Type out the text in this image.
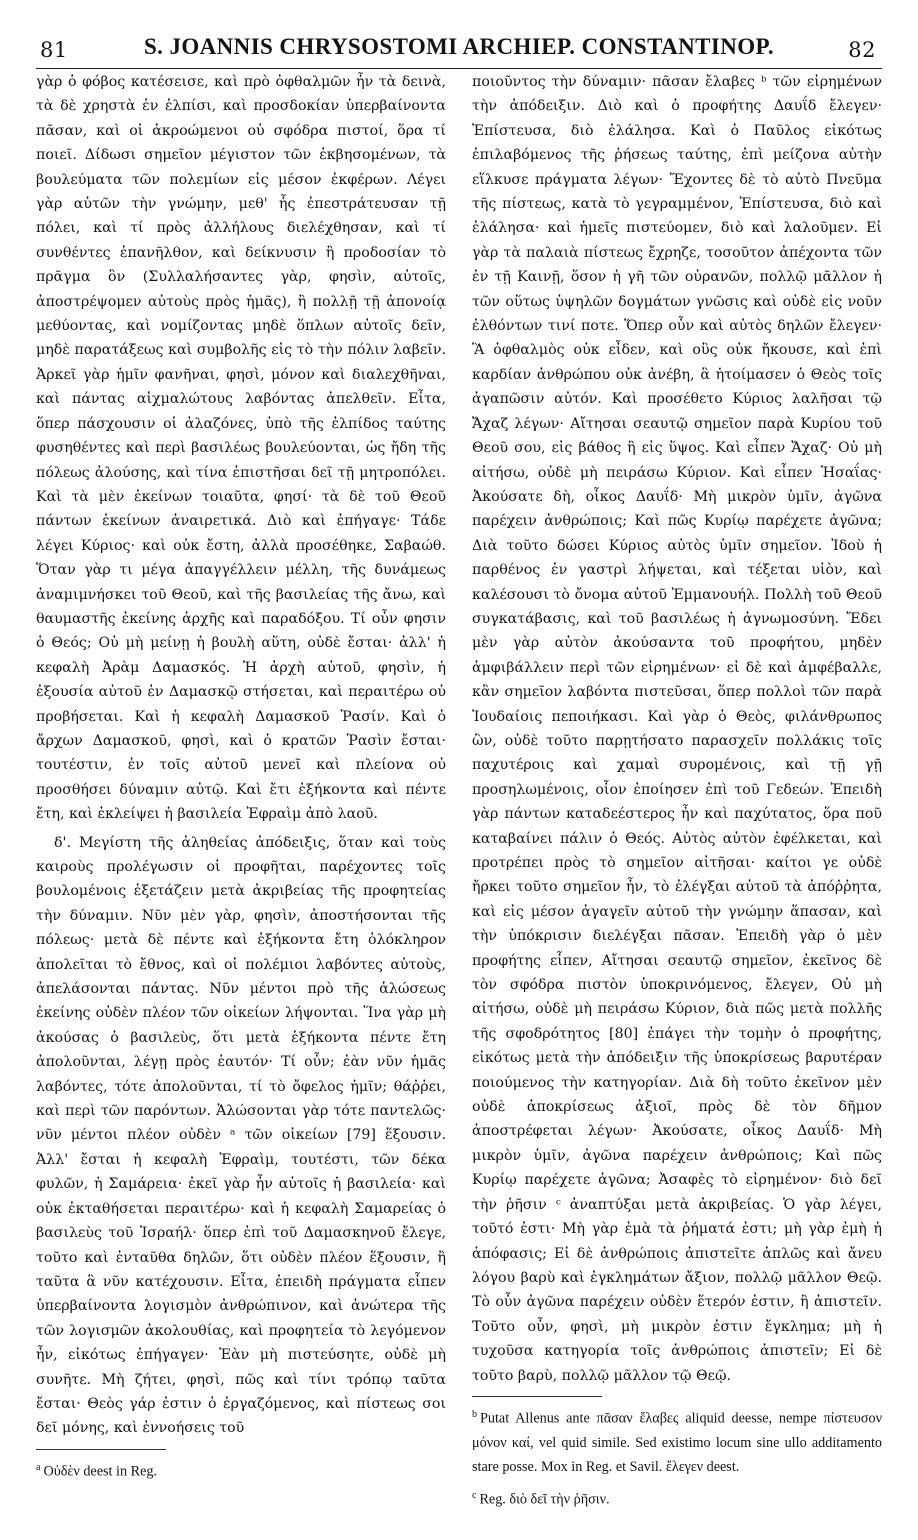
81	S. JOANNIS CHRYSOSTOMI ARCHIEP. CONSTANTINOP.	82

γὰρ ὁ φόβος κατέσεισε, καὶ πρὸ ὀφθαλμῶν ἦν τὰ δεινὰ, τὰ δὲ χρηστὰ ἐν ἐλπίσι, καὶ προσδοκίαν ὑπερβαίνοντα πᾶσαν, καὶ οἱ ἀκροώμενοι οὐ σφόδρα πιστοί, ὅρα τί ποιεῖ. Δίδωσι σημεῖον μέγιστον τῶν ἐκβησομένων, τὰ βουλεύματα τῶν πολεμίων εἰς μέσον ἐκφέρων. Λέγει γὰρ αὐτῶν τὴν γνώμην, μεθ' ἧς ἐπεστράτευσαν τῇ πόλει, καὶ τί πρὸς ἀλλήλους διελέχθησαν, καὶ τί συνθέντες ἐπανῆλθον, καὶ δείκνυσιν ἢ προδοσίαν τὸ πρᾶγμα ὂν (Συλλαλήσαντες γὰρ, φησὶν, αὐτοῖς, ἀποστρέψομεν αὐτοὺς πρὸς ἡμᾶς), ἢ πολλῇ τῇ ἀπονοίᾳ μεθύοντας, καὶ νομίζοντας μηδὲ ὅπλων αὐτοῖς δεῖν, μηδὲ παρατάξεως καὶ συμβολῆς εἰς τὸ τὴν πόλιν λαβεῖν. Ἀρκεῖ γὰρ ἡμῖν φανῆναι, φησὶ, μόνον καὶ διαλεχθῆναι, καὶ πάντας αἰχμαλώτους λαβόντας ἀπελθεῖν. Εἶτα, ὅπερ πάσχουσιν οἱ ἀλαζόνες, ὑπὸ τῆς ἐλπίδος ταύτης φυσηθέντες καὶ περὶ βασιλέως βουλεύονται, ὡς ἤδη τῆς πόλεως ἀλούσης, καὶ τίνα ἐπιστῆσαι δεῖ τῇ μητροπόλει. Καὶ τὰ μὲν ἐκείνων τοιαῦτα, φησί· τὰ δὲ τοῦ Θεοῦ πάντων ἐκείνων ἀναιρετικά. Διὸ καὶ ἐπήγαγε· Τάδε λέγει Κύριος· καὶ οὐκ ἔστη, ἀλλὰ προσέθηκε, Σαβαώθ. Ὅταν γὰρ τι μέγα ἀπαγγέλλειν μέλλη, τῆς δυνάμεως ἀναμιμνήσκει τοῦ Θεοῦ, καὶ τῆς βασιλείας τῆς ἄνω, καὶ θαυμαστῆς ἐκείνης ἀρχῆς καὶ παραδόξου. Τί οὖν φησιν ὁ Θεός; Οὐ μὴ μείνῃ ἡ βουλὴ αὕτη, οὐδὲ ἔσται· ἀλλ' ἡ κεφαλὴ Ἀρὰμ Δαμασκός. Ἡ ἀρχὴ αὐτοῦ, φησὶν, ἡ ἐξουσία αὐτοῦ ἐν Δαμασκῷ στήσεται, καὶ περαιτέρω οὐ προβήσεται. Καὶ ἡ κεφαλὴ Δαμασκοῦ Ῥασίν. Καὶ ὁ ἄρχων Δαμασκοῦ, φησὶ, καὶ ὁ κρατῶν Ῥασὶν ἔσται· τουτέστιν, ἐν τοῖς αὐτοῦ μενεῖ καὶ πλείονα οὐ προσθήσει δύναμιν αὐτῷ. Καὶ ἔτι ἑξήκοντα καὶ πέντε ἔτη, καὶ ἐκλείψει ἡ βασιλεία Ἐφραὶμ ἀπὸ λαοῦ.

δ'. Μεγίστη τῆς ἀληθείας ἀπόδειξις, ὅταν καὶ τοὺς καιροὺς προλέγωσιν οἱ προφῆται, παρέχοντες τοῖς βουλομένοις ἐξετάζειν μετὰ ἀκριβείας τῆς προφητείας τὴν δύναμιν. Νῦν μὲν γὰρ, φησὶν, ἀποστήσονται τῆς πόλεως· μετὰ δὲ πέντε καὶ ἑξήκοντα ἔτη ὁλόκληρον ἀπολεῖται τὸ ἔθνος, καὶ οἱ πολέμιοι λαβόντες αὐτοὺς, ἀπελάσονται πάντας. Νῦν μέντοι πρὸ τῆς ἁλώσεως ἐκείνης οὐδὲν πλέον τῶν οἰκείων λήψονται. Ἵνα γὰρ μὴ ἀκούσας ὁ βασιλεὺς, ὅτι μετὰ ἑξήκοντα πέντε ἔτη ἀπολοῦνται, λέγῃ πρὸς ἑαυτόν· Τί οὖν; ἐὰν νῦν ἡμᾶς λαβόντες, τότε ἀπολοῦνται, τί τὸ ὄφελος ἡμῖν; θάῤῥει, καὶ περὶ τῶν παρόντων. Ἁλώσονται γὰρ τότε παντελῶς· νῦν μέντοι πλέον οὐδὲν ᵃ τῶν οἰκείων [79] ἕξουσιν. Ἀλλ' ἔσται ἡ κεφαλὴ Ἐφραὶμ, τουτέστι, τῶν δέκα φυλῶν, ἡ Σαμάρεια· ἐκεῖ γὰρ ἦν αὐτοῖς ἡ βασιλεία· καὶ οὐκ ἐκταθήσεται περαιτέρω· καὶ ἡ κεφαλὴ Σαμαρείας ὁ βασιλεὺς τοῦ Ἰσραήλ· ὅπερ ἐπὶ τοῦ Δαμασκηνοῦ ἔλεγε, τοῦτο καὶ ἐνταῦθα δηλῶν, ὅτι οὐδὲν πλέον ἕξουσιν, ἢ ταῦτα ἃ νῦν κατέχουσιν. Εἶτα, ἐπειδὴ πράγματα εἶπεν ὑπερβαίνοντα λογισμὸν ἀνθρώπινον, καὶ ἀνώτερα τῆς τῶν λογισμῶν ἀκολουθίας, καὶ προφητεία τὸ λεγόμενον ἦν, εἰκότως ἐπήγαγεν· Ἐὰν μὴ πιστεύσητε, οὐδὲ μὴ συνῆτε. Μὴ ζήτει, φησὶ, πῶς καὶ τίνι τρόπῳ ταῦτα ἔσται· Θεὸς γάρ ἐστιν ὁ ἐργαζόμενος, καὶ πίστεως σοι δεῖ μόνης, καὶ ἐννοήσεις τοῦ

$^a$ Οὐδὲν deest in Reg.

ποιοῦντος τὴν δύναμιν· πᾶσαν ἔλαβες ᵇ τῶν εἰρημένων τὴν ἀπόδειξιν. Διὸ καὶ ὁ προφήτης Δαυΐδ ἔλεγεν· Ἐπίστευσα, διὸ ἐλάλησα. Καὶ ὁ Παῦλος εἰκότως ἐπιλαβόμενος τῆς ῥήσεως ταύτης, ἐπὶ μείζονα αὐτὴν εἵλκυσε πράγματα λέγων· Ἔχοντες δὲ τὸ αὐτὸ Πνεῦμα τῆς πίστεως, κατὰ τὸ γεγραμμένον, Ἐπίστευσα, διὸ καὶ ἐλάλησα· καὶ ἡμεῖς πιστεύομεν, διὸ καὶ λαλοῦμεν. Εἰ γὰρ τὰ παλαιὰ πίστεως ἔχρηζε, τοσοῦτον ἀπέχοντα τῶν ἐν τῇ Καινῇ, ὅσον ἡ γῆ τῶν οὐρανῶν, πολλῷ μᾶλλον ἡ τῶν οὕτως ὑψηλῶν δογμάτων γνῶσις καὶ οὐδὲ εἰς νοῦν ἐλθόντων τινί ποτε. Ὅπερ οὖν καὶ αὐτὸς δηλῶν ἔλεγεν· Ἃ ὀφθαλμὸς οὐκ εἶδεν, καὶ οὓς οὐκ ἤκουσε, καὶ ἐπὶ καρδίαν ἀνθρώπου οὐκ ἀνέβη, ἃ ἡτοίμασεν ὁ Θεὸς τοῖς ἀγαπῶσιν αὐτόν. Καὶ προσέθετο Κύριος λαλῆσαι τῷ Ἄχαζ λέγων· Αἴτησαι σεαυτῷ σημεῖον παρὰ Κυρίου τοῦ Θεοῦ σου, εἰς βάθος ἢ εἰς ὕψος. Καὶ εἶπεν Ἄχαζ· Οὐ μὴ αἰτήσω, οὐδὲ μὴ πειράσω Κύριον. Καὶ εἶπεν Ἡσαΐας· Ἀκούσατε δὴ, οἶκος Δαυΐδ· Μὴ μικρὸν ὑμῖν, ἀγῶνα παρέχειν ἀνθρώποις; Καὶ πῶς Κυρίῳ παρέχετε ἀγῶνα; Διὰ τοῦτο δώσει Κύριος αὐτὸς ὑμῖν σημεῖον. Ἰδοὺ ἡ παρθένος ἐν γαστρὶ λήψεται, καὶ τέξεται υἱὸν, καὶ καλέσουσι τὸ ὄνομα αὐτοῦ Ἐμμανουήλ. Πολλὴ τοῦ Θεοῦ συγκατάβασις, καὶ τοῦ βασιλέως ἡ ἀγνωμοσύνη. Ἔδει μὲν γὰρ αὐτὸν ἀκούσαντα τοῦ προφήτου, μηδὲν ἀμφιβάλλειν περὶ τῶν εἰρημένων· εἰ δὲ καὶ ἀμφέβαλλε, κἂν σημεῖον λαβόντα πιστεῦσαι, ὅπερ πολλοὶ τῶν παρὰ Ἰουδαίοις πεποιήκασι. Καὶ γὰρ ὁ Θεὸς, φιλάνθρωπος ὢν, οὐδὲ τοῦτο παρῃτήσατο παρασχεῖν πολλάκις τοῖς παχυτέροις καὶ χαμαὶ συρομένοις, καὶ τῇ γῇ προσηλωμένοις, οἷον ἐποίησεν ἐπὶ τοῦ Γεδεών. Ἐπειδὴ γὰρ πάντων καταδεέστερος ἦν καὶ παχύτατος, ὅρα ποῦ καταβαίνει πάλιν ὁ Θεός. Αὐτὸς αὐτὸν ἐφέλκεται, καὶ προτρέπει πρὸς τὸ σημεῖον αἰτῆσαι· καίτοι γε οὐδὲ ἤρκει τοῦτο σημεῖον ἦν, τὸ ἐλέγξαι αὐτοῦ τὰ ἀπόῤῥητα, καὶ εἰς μέσον ἀγαγεῖν αὐτοῦ τὴν γνώμην ἅπασαν, καὶ τὴν ὑπόκρισιν διελέγξαι πᾶσαν. Ἐπειδὴ γὰρ ὁ μὲν προφήτης εἶπεν, Αἴτησαι σεαυτῷ σημεῖον, ἐκεῖνος δὲ τὸν σφόδρα πιστὸν ὑποκρινόμενος, ἔλεγεν, Οὐ μὴ αἰτήσω, οὐδὲ μὴ πειράσω Κύριον, διὰ πῶς μετὰ πολλῆς τῆς σφοδρότητος [80] ἐπάγει τὴν τομὴν ὁ προφήτης, εἰκότως μετὰ τὴν ἀπόδειξιν τῆς ὑποκρίσεως βαρυτέραν ποιούμενος τὴν κατηγορίαν. Διὰ δὴ τοῦτο ἐκεῖνον μὲν οὐδὲ ἀποκρίσεως ἀξιοῖ, πρὸς δὲ τὸν δῆμον ἀποστρέφεται λέγων· Ἀκούσατε, οἶκος Δαυΐδ· Μὴ μικρὸν ὑμῖν, ἀγῶνα παρέχειν ἀνθρώποις; Καὶ πῶς Κυρίῳ παρέχετε ἀγῶνα; Ἀσαφὲς τὸ εἰρημένον· διὸ δεῖ τὴν ῥῆσιν ᶜ ἀναπτύξαι μετὰ ἀκριβείας. Ὁ γὰρ λέγει, τοῦτό ἐστι· Μὴ γὰρ ἐμὰ τὰ ῥήματά ἐστι; μὴ γὰρ ἐμὴ ἡ ἀπόφασις; Εἰ δὲ ἀνθρώποις ἀπιστεῖτε ἁπλῶς καὶ ἄνευ λόγου βαρὺ καὶ ἐγκλημάτων ἄξιον, πολλῷ μᾶλλον Θεῷ. Τὸ οὖν ἀγῶνα παρέχειν οὐδὲν ἕτερόν ἐστιν, ἢ ἀπιστεῖν. Τοῦτο οὖν, φησὶ, μὴ μικρὸν ἐστιν ἔγκλημα; μὴ ἡ τυχοῦσα κατηγορία τοῖς ἀνθρώποις ἀπιστεῖν; Εἰ δὲ τοῦτο βαρὺ, πολλῷ μᾶλλον τῷ Θεῷ.

$^b$ Putat Allenus ante πᾶσαν ἔλαβες aliquid deesse, nempe πίστευσον μόνον καί, vel quid simile. Sed existimo locum sine ullo additamento stare posse. Mox in Reg. et Savil. ἔλεγεν deest.

$^c$ Reg. διὸ δεῖ τὴν ῥῆσιν.
